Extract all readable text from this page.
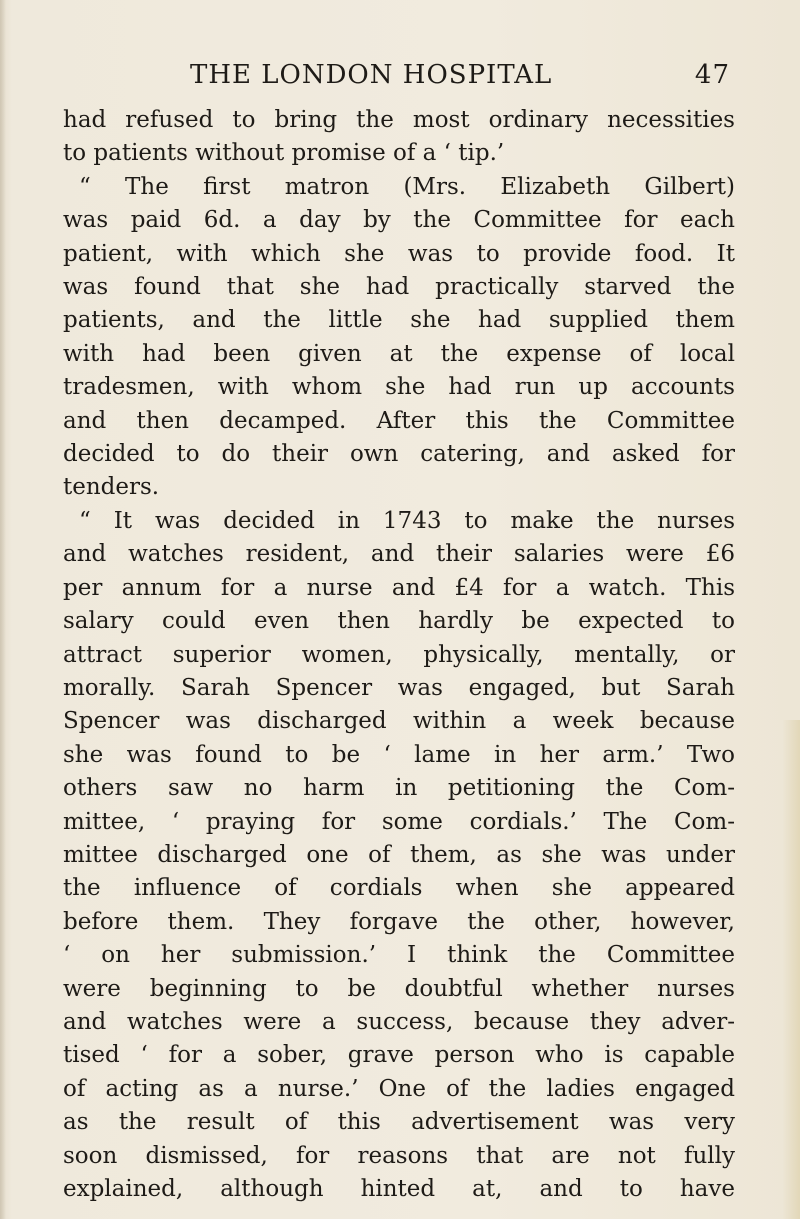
THE LONDON HOSPITAL	47
had refused to bring the most ordinary necessities
to patients without promise of a ‘ tip.’
“ The first matron (Mrs. Elizabeth Gilbert)
was paid 6d. a day by the Committee for each
patient, with which she was to provide food. It
was found that she had practically starved the
patients, and the little she had supplied them
with had been given at the expense of local
tradesmen, with whom she had run up accounts
and then decamped. After this the Committee
decided to do their own catering, and asked for
tenders.
“ It was decided in 1743 to make the nurses
and watches resident, and their salaries were £6
per annum for a nurse and £4 for a watch. This
salary could even then hardly be expected to
attract superior women, physically, mentally, or
morally. Sarah Spencer was engaged, but Sarah
Spencer was discharged within a week because
she was found to be ‘ lame in her arm.’ Two
others saw no harm in petitioning the Com-
mittee, ‘ praying for some cordials.’ The Com-
mittee discharged one of them, as she was under
the influence of cordials when she appeared
before them. They forgave the other, however,
‘ on her submission.’ I think the Committee
were beginning to be doubtful whether nurses
and watches were a success, because they adver-
tised ‘ for a sober, grave person who is capable
of acting as a nurse.’ One of the ladies engaged
as the result of this advertisement was very
soon dismissed, for reasons that are not fully
explained, although hinted at, and to have
